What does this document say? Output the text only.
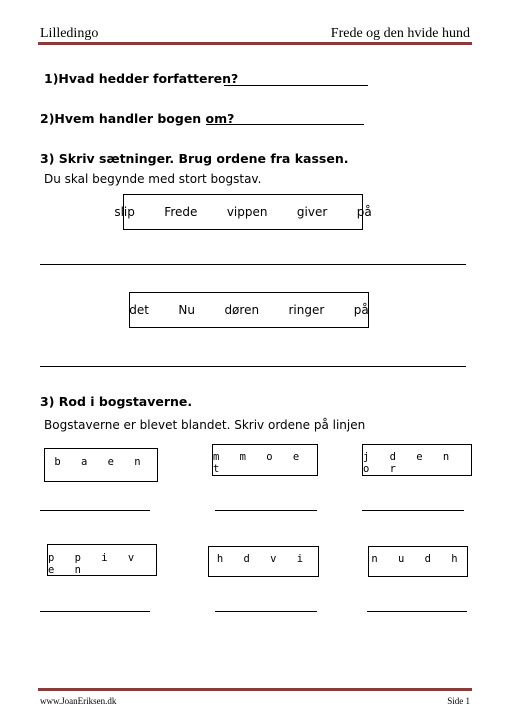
Lilledingo	Frede og den hvide hund
1)Hvad hedder forfatteren?
2)Hvem handler bogen om?
3) Skriv sætninger. Brug ordene fra kassen.
Du skal begynde med stort bogstav.
slip   Frede   vippen   giver   på
det   Nu   døren   ringer   på
3) Rod i bogstaverne.
Bogstaverne er blevet blandet. Skriv ordene på linjen
b a e n	m m o e t
j d e n o r
p p i v e n
h d v i	n u d h
www.JoanEriksen.dk	Side 1
